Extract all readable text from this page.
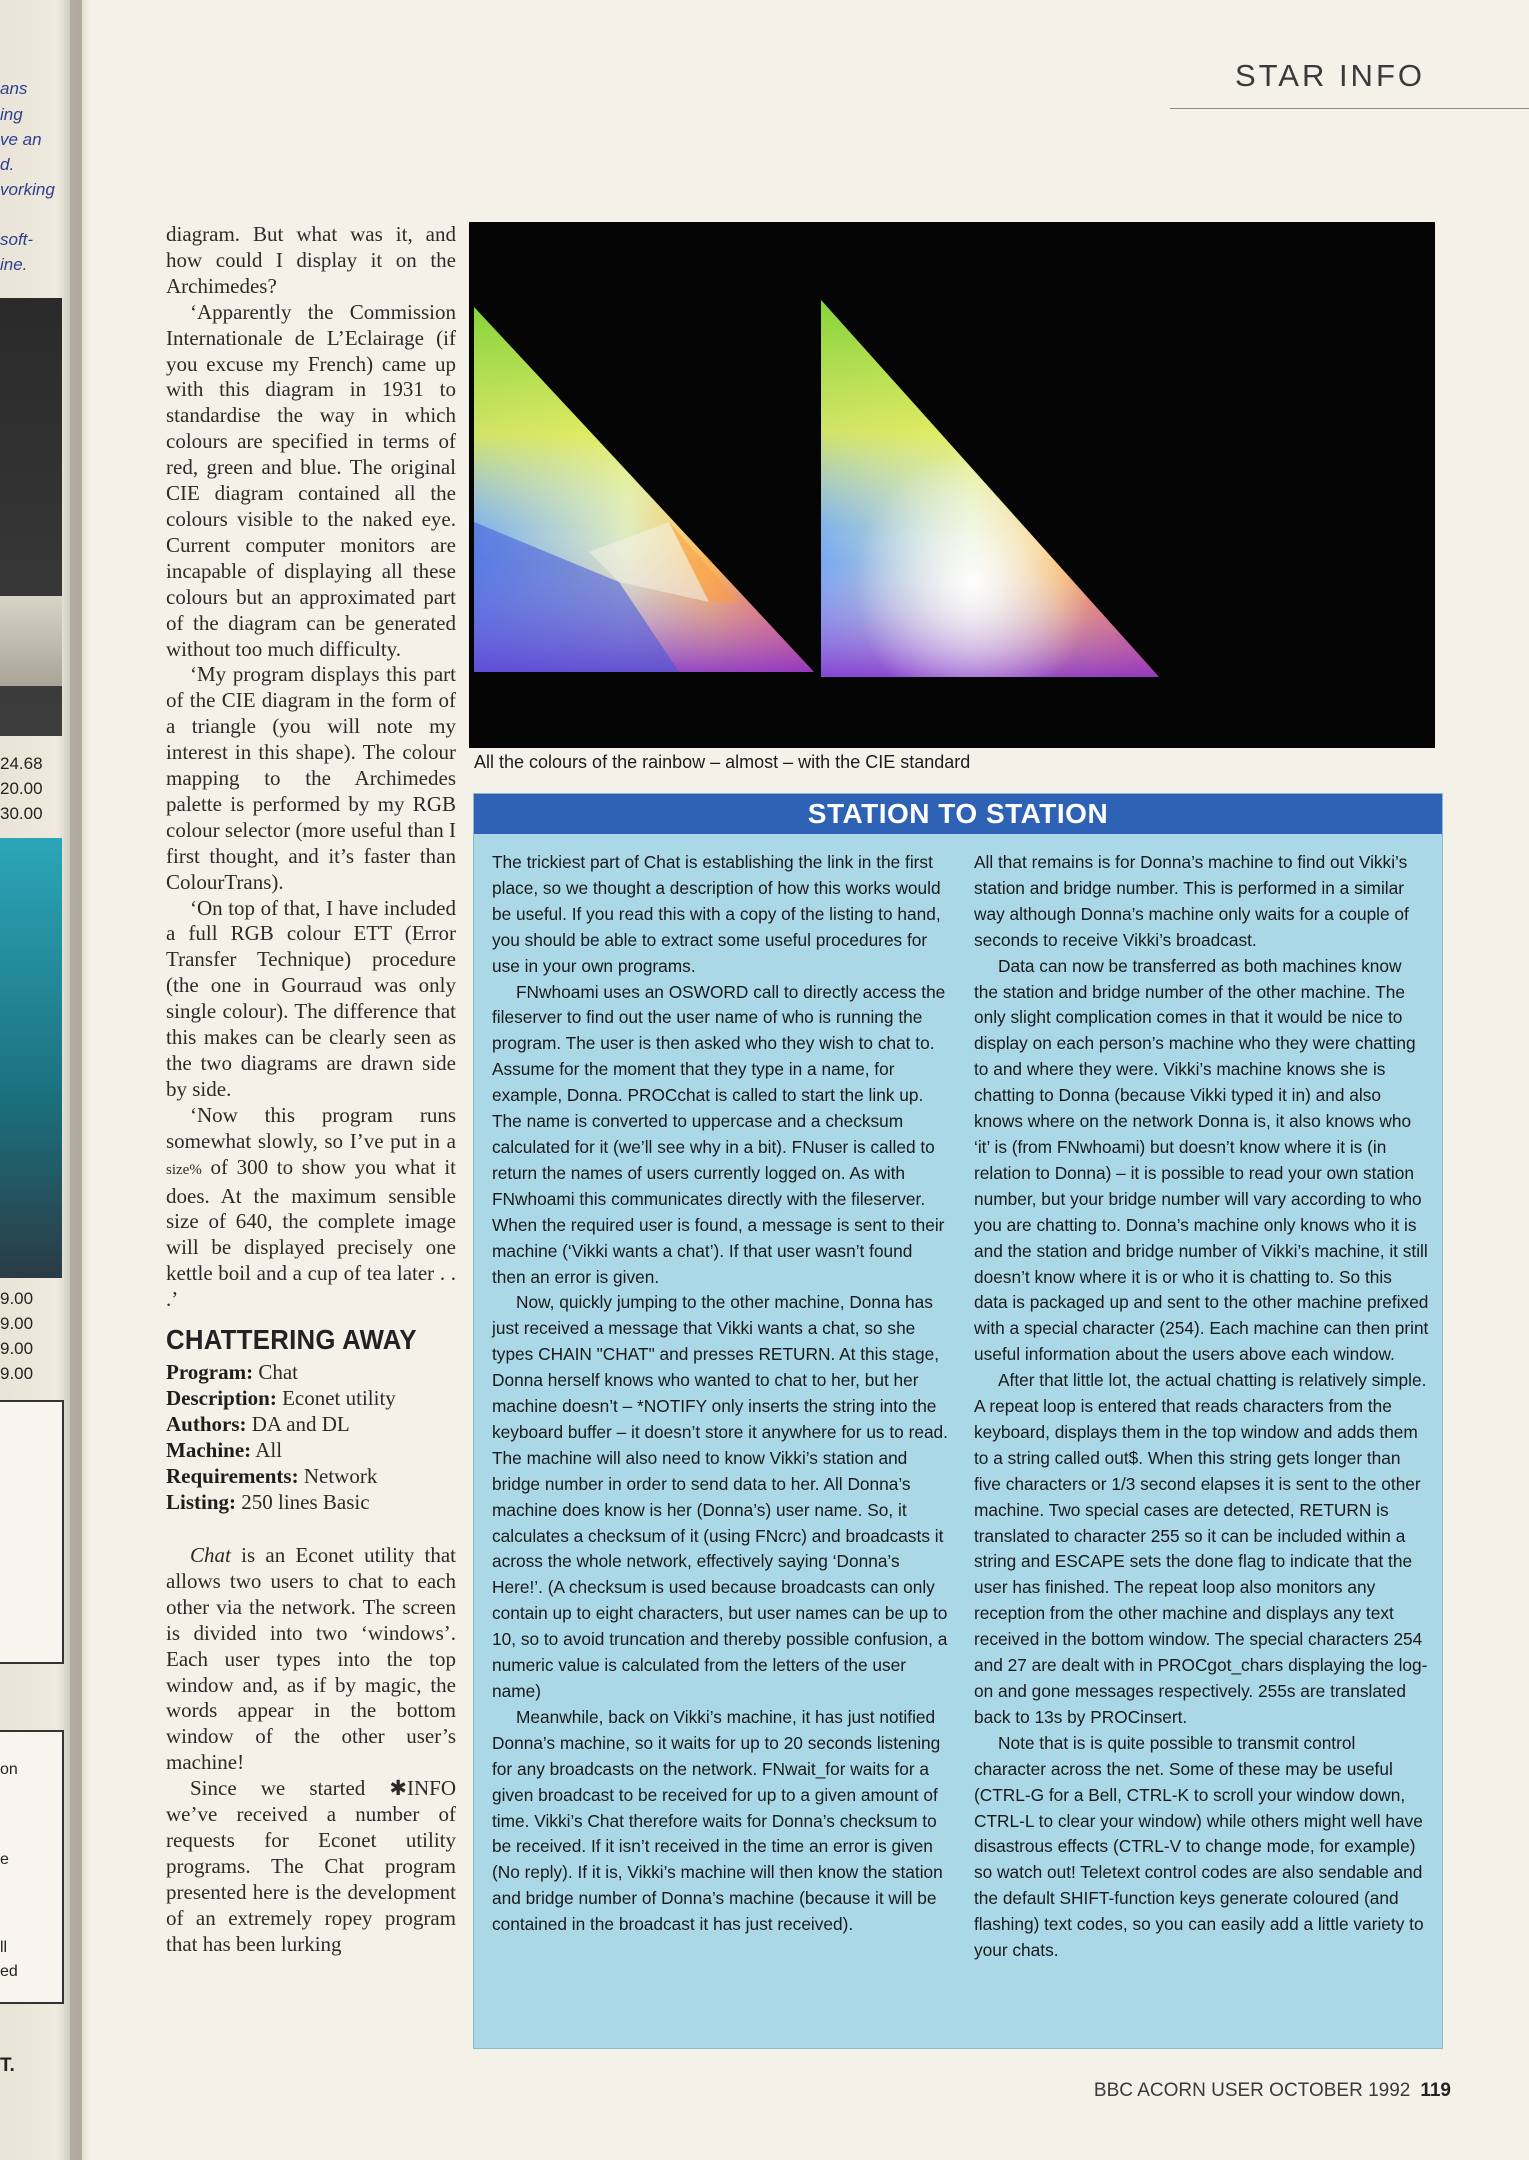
ans
ing
ve an
d.
vorking
soft-
ine.
24.68
20.00
30.00
9.00
9.00
9.00
9.00
on
e
ll
ed
T.
STAR INFO

diagram. But what was it, and how could I display it on the Archimedes?

‘Apparently the Commission Internationale de L’Eclairage (if you excuse my French) came up with this diagram in 1931 to standardise the way in which colours are specified in terms of red, green and blue. The original CIE diagram contained all the colours visible to the naked eye. Current computer monitors are incapable of displaying all these colours but an approximated part of the diagram can be generated without too much difficulty.

‘My program displays this part of the CIE diagram in the form of a triangle (you will note my interest in this shape). The colour mapping to the Archimedes palette is performed by my RGB colour selector (more useful than I first thought, and it’s faster than ColourTrans).

‘On top of that, I have included a full RGB colour ETT (Error Transfer Technique) procedure (the one in Gourraud was only single colour). The difference that this makes can be clearly seen as the two diagrams are drawn side by side.

‘Now this program runs somewhat slowly, so I’ve put in a size% of 300 to show you what it does. At the maximum sensible size of 640, the complete image will be displayed precisely one kettle boil and a cup of tea later . . .’

CHATTERING AWAY
Program: Chat
Description: Econet utility
Authors: DA and DL
Machine: All
Requirements: Network
Listing: 250 lines Basic

Chat is an Econet utility that allows two users to chat to each other via the network. The screen is divided into two ‘windows’. Each user types into the top window and, as if by magic, the words appear in the bottom window of the other user’s machine!

Since we started ✱INFO we’ve received a number of requests for Econet utility programs. The Chat program presented here is the development of an extremely ropey program that has been lurking

All the colours of the rainbow – almost – with the CIE standard
STATION TO STATION

The trickiest part of Chat is establishing the link in the first place, so we thought a description of how this works would be useful. If you read this with a copy of the listing to hand, you should be able to extract some useful procedures for use in your own programs.

FNwhoami uses an OSWORD call to directly access the fileserver to find out the user name of who is running the program. The user is then asked who they wish to chat to. Assume for the moment that they type in a name, for example, Donna. PROCchat is called to start the link up. The name is converted to uppercase and a checksum calculated for it (we’ll see why in a bit). FNuser is called to return the names of users currently logged on. As with FNwhoami this communicates directly with the fileserver. When the required user is found, a message is sent to their machine (‘Vikki wants a chat’). If that user wasn’t found then an error is given.

Now, quickly jumping to the other machine, Donna has just received a message that Vikki wants a chat, so she types CHAIN "CHAT" and presses RETURN. At this stage, Donna herself knows who wanted to chat to her, but her machine doesn’t – *NOTIFY only inserts the string into the keyboard buffer – it doesn’t store it anywhere for us to read. The machine will also need to know Vikki’s station and bridge number in order to send data to her. All Donna’s machine does know is her (Donna’s) user name. So, it calculates a checksum of it (using FNcrc) and broadcasts it across the whole network, effectively saying ‘Donna’s Here!’. (A checksum is used because broadcasts can only contain up to eight characters, but user names can be up to 10, so to avoid truncation and thereby possible confusion, a numeric value is calculated from the letters of the user name)

Meanwhile, back on Vikki’s machine, it has just notified Donna’s machine, so it waits for up to 20 seconds listening for any broadcasts on the network. FNwait_for waits for a given broadcast to be received for up to a given amount of time. Vikki’s Chat therefore waits for Donna’s checksum to be received. If it isn’t received in the time an error is given (No reply). If it is, Vikki’s machine will then know the station and bridge number of Donna’s machine (because it will be contained in the broadcast it has just received).

All that remains is for Donna’s machine to find out Vikki’s station and bridge number. This is performed in a similar way although Donna’s machine only waits for a couple of seconds to receive Vikki’s broadcast.

Data can now be transferred as both machines know the station and bridge number of the other machine. The only slight complication comes in that it would be nice to display on each person’s machine who they were chatting to and where they were. Vikki’s machine knows she is chatting to Donna (because Vikki typed it in) and also knows where on the network Donna is, it also knows who ‘it’ is (from FNwhoami) but doesn’t know where it is (in relation to Donna) – it is possible to read your own station number, but your bridge number will vary according to who you are chatting to. Donna’s machine only knows who it is and the station and bridge number of Vikki’s machine, it still doesn’t know where it is or who it is chatting to. So this data is packaged up and sent to the other machine prefixed with a special character (254). Each machine can then print useful information about the users above each window.

After that little lot, the actual chatting is relatively simple. A repeat loop is entered that reads characters from the keyboard, displays them in the top window and adds them to a string called out$. When this string gets longer than five characters or 1/3 second elapses it is sent to the other machine. Two special cases are detected, RETURN is translated to character 255 so it can be included within a string and ESCAPE sets the done flag to indicate that the user has finished. The repeat loop also monitors any reception from the other machine and displays any text received in the bottom window. The special characters 254 and 27 are dealt with in PROCgot_chars displaying the log-on and gone messages respectively. 255s are translated back to 13s by PROCinsert.

Note that is is quite possible to transmit control character across the net. Some of these may be useful (CTRL-G for a Bell, CTRL-K to scroll your window down, CTRL-L to clear your window) while others might well have disastrous effects (CTRL-V to change mode, for example) so watch out! Teletext control codes are also sendable and the default SHIFT-function keys generate coloured (and flashing) text codes, so you can easily add a little variety to your chats.

BBC ACORN USER OCTOBER 1992 119
